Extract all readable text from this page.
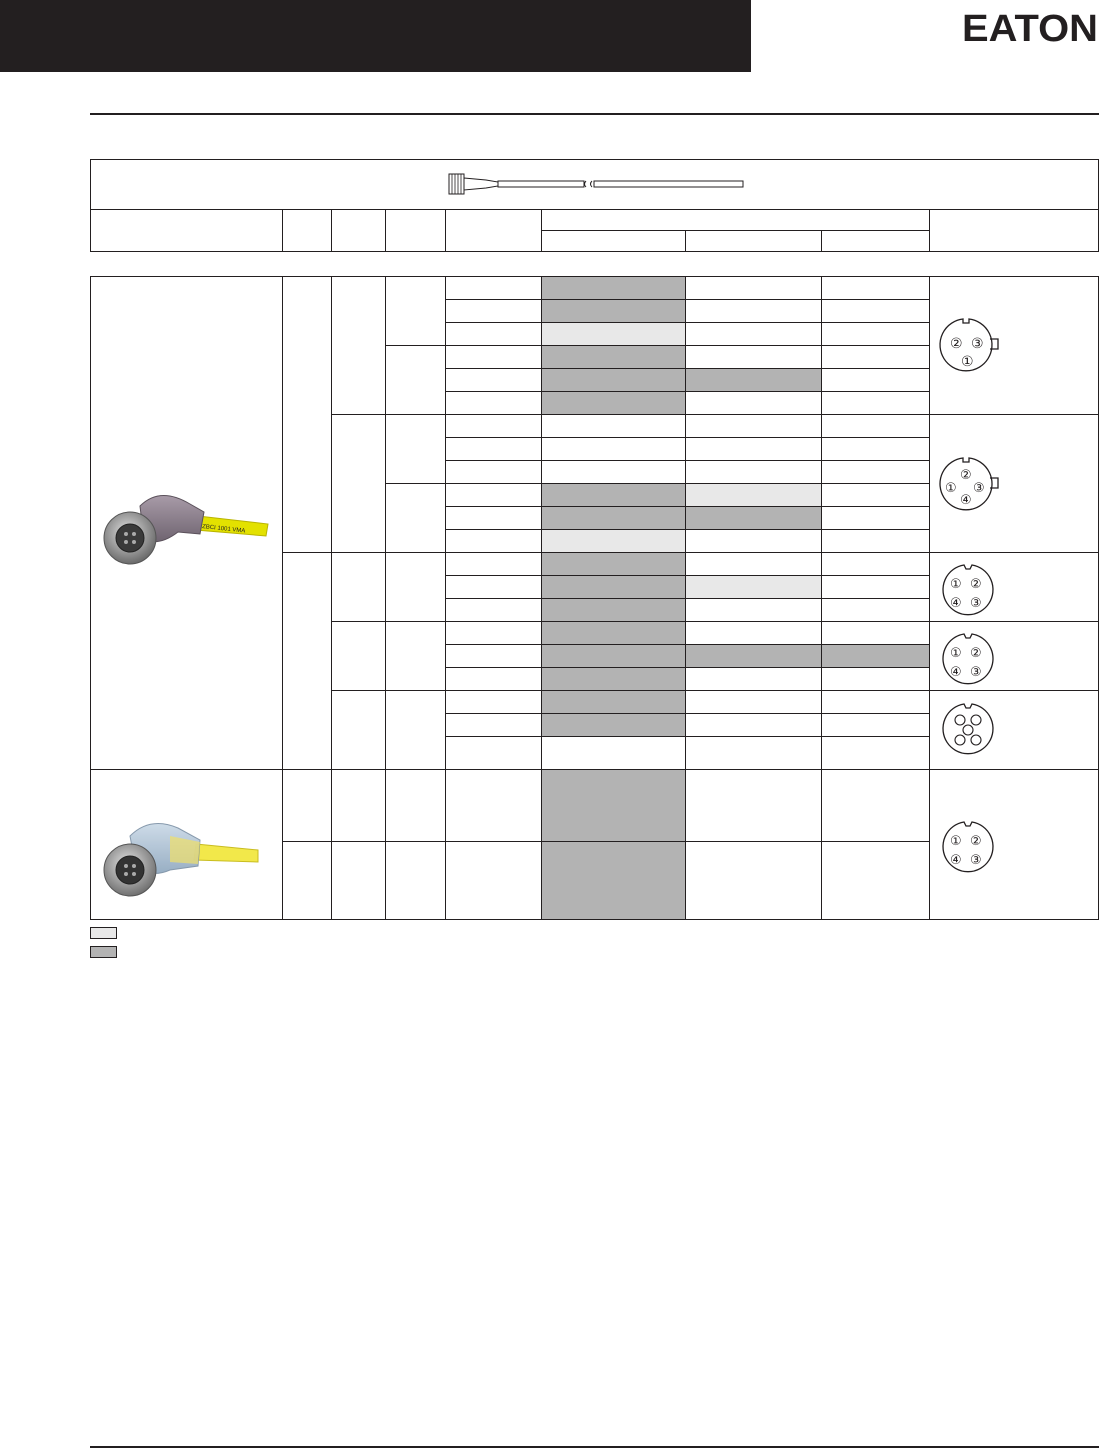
EATON
ZBCI 1001 VMA
② ③
①
②
① ③
④
① ②
④ ③
① ②
④ ③
① ②
④ ③
